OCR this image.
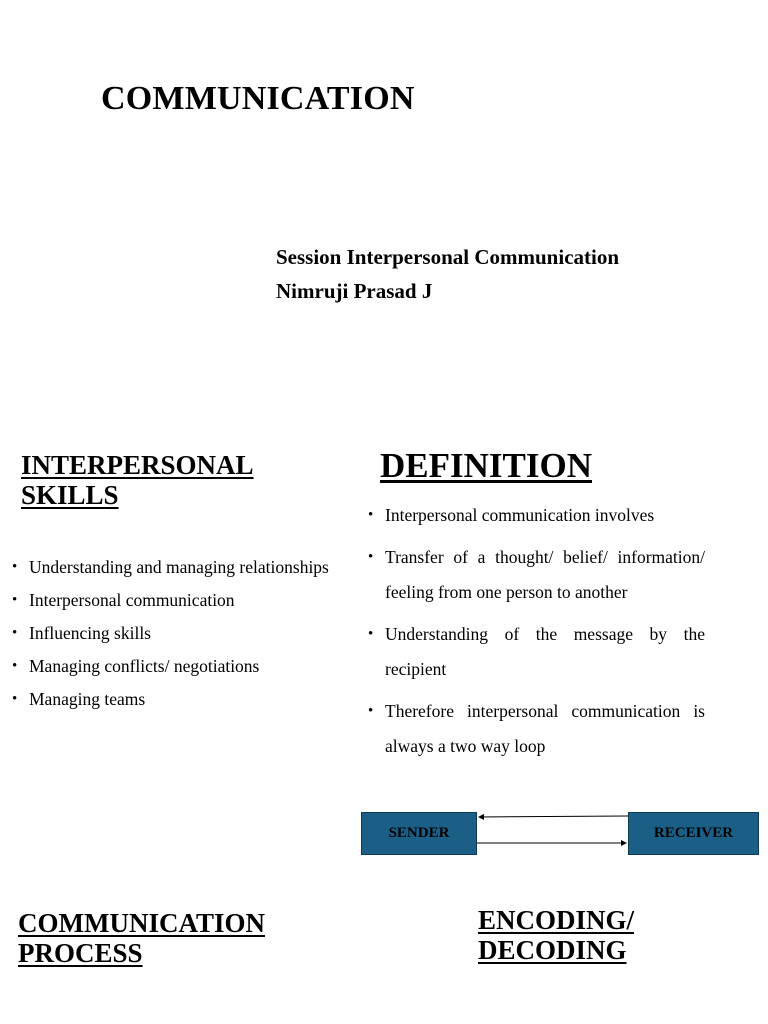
COMMUNICATION
Session Interpersonal Communication
Nimruji Prasad J
INTERPERSONAL
SKILLS
• Understanding and managing relationships
• Interpersonal communication
• Influencing skills
• Managing conflicts/ negotiations
• Managing teams
DEFINITION
• Interpersonal communication involves
• Transfer of a thought/ belief/ information/ feeling from one person to another
• Understanding of the message by the recipient
• Therefore interpersonal communication is always a two way loop
SENDER	RECEIVER
COMMUNICATION
PROCESS
ENCODING/
DECODING
